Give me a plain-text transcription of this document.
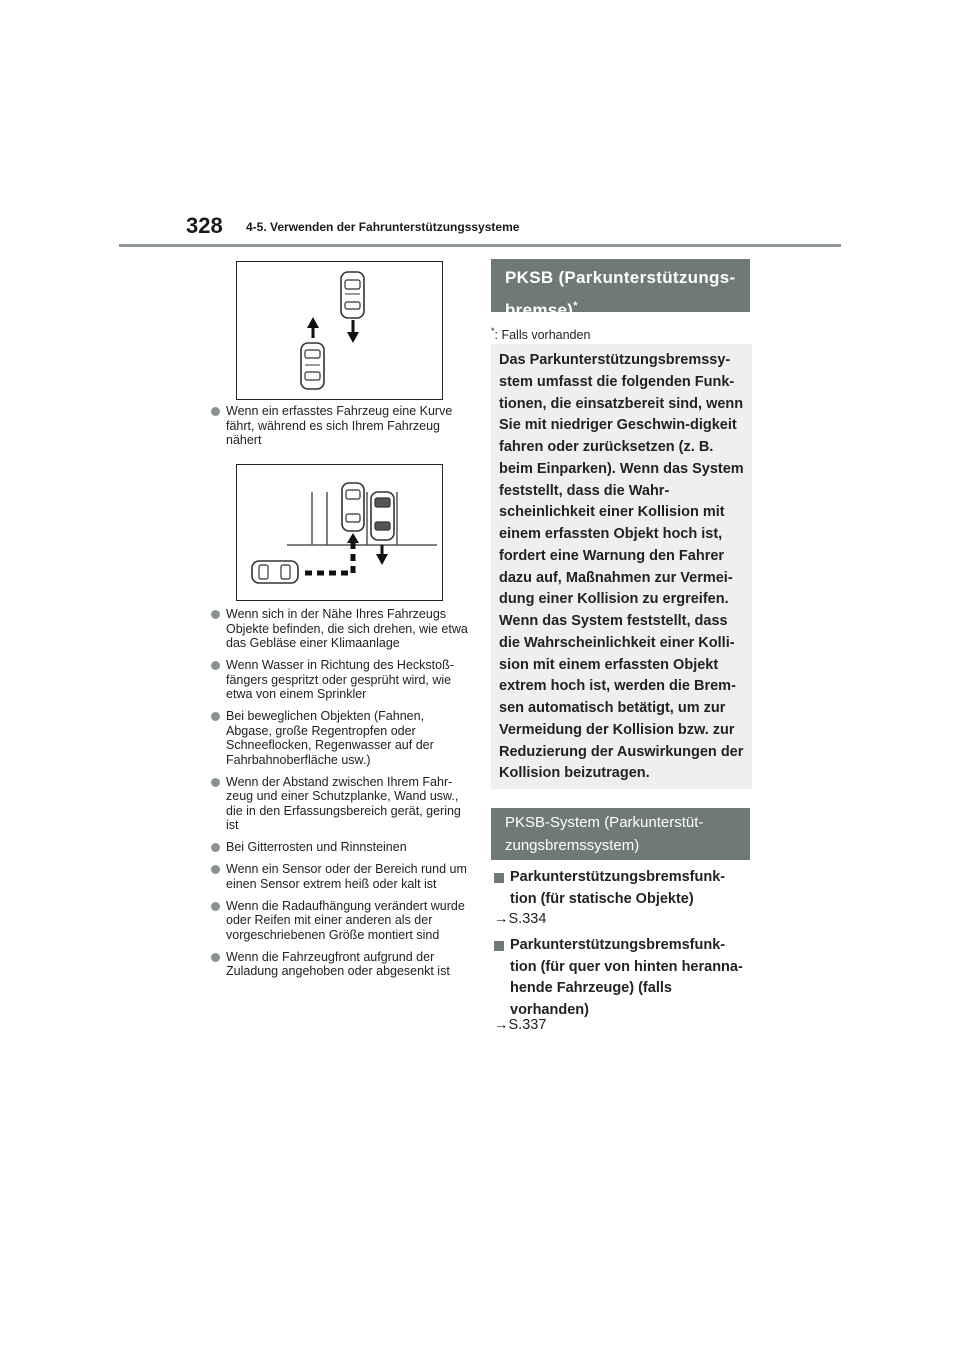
328 4-5. Verwenden der Fahrunterstützungssysteme
Wenn ein erfasstes Fahrzeug eine Kurve fährt, während es sich Ihrem Fahrzeug nähert
Wenn sich in der Nähe Ihres Fahrzeugs Objekte befinden, die sich drehen, wie etwa das Gebläse einer Klimaanlage
Wenn Wasser in Richtung des Heckstoß-fängers gespritzt oder gesprüht wird, wie etwa von einem Sprinkler
Bei beweglichen Objekten (Fahnen, Abgase, große Regentropfen oder Schneeflocken, Regenwasser auf der Fahrbahnoberfläche usw.)
Wenn der Abstand zwischen Ihrem Fahr-zeug und einer Schutzplanke, Wand usw., die in den Erfassungsbereich gerät, gering ist
Bei Gitterrosten und Rinnsteinen
Wenn ein Sensor oder der Bereich rund um einen Sensor extrem heiß oder kalt ist
Wenn die Radaufhängung verändert wurde oder Reifen mit einer anderen als der vorgeschriebenen Größe montiert sind
Wenn die Fahrzeugfront aufgrund der Zuladung angehoben oder abgesenkt ist
PKSB (Parkunterstützungs-
bremse)*
*: Falls vorhanden

Das Parkunterstützungsbremssy-stem umfasst die folgenden Funk-tionen, die einsatzbereit sind, wenn Sie mit niedriger Geschwin-digkeit fahren oder zurücksetzen (z. B. beim Einparken). Wenn das System feststellt, dass die Wahr-scheinlichkeit einer Kollision mit einem erfassten Objekt hoch ist, fordert eine Warnung den Fahrer dazu auf, Maßnahmen zur Vermei-dung einer Kollision zu ergreifen. Wenn das System feststellt, dass die Wahrscheinlichkeit einer Kolli-sion mit einem erfassten Objekt extrem hoch ist, werden die Brem-sen automatisch betätigt, um zur Vermeidung der Kollision bzw. zur Reduzierung der Auswirkungen der Kollision beizutragen.

PKSB-System (Parkunterstüt-
zungsbremssystem)
Parkunterstützungsbremsfunk-
tion (für statische Objekte)
→S.334
Parkunterstützungsbremsfunk-
tion (für quer von hinten heranna-
hende Fahrzeuge) (falls
vorhanden)
→S.337
